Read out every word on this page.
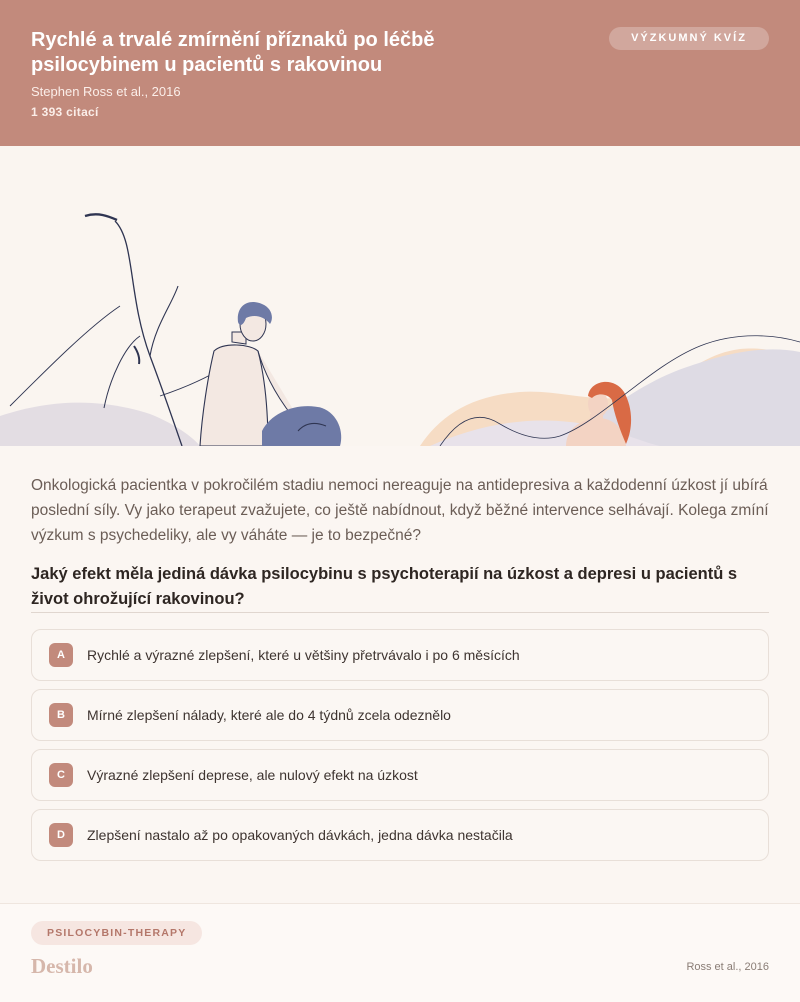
Rychlé a trvalé zmírnění příznaků po léčbě psilocybinem u pacientů s rakovinou
Stephen Ross et al., 2016
1 393 citací
VÝZKUMNÝ KVÍZ
Onkologická pacientka v pokročilém stadiu nemoci nereaguje na antidepresiva a každodenní úzkost jí ubírá poslední síly. Vy jako terapeut zvažujete, co ještě nabídnout, když běžné intervence selhávají. Kolega zmíní výzkum s psychedeliky, ale vy váháte — je to bezpečné?
Jaký efekt měla jediná dávka psilocybinu s psychoterapií na úzkost a depresi u pacientů s život ohrožující rakovinou?
A	Rychlé a výrazné zlepšení, které u většiny přetrvávalo i po 6 měsících
B	Mírné zlepšení nálady, které ale do 4 týdnů zcela odeznělo
C	Výrazné zlepšení deprese, ale nulový efekt na úzkost
D	Zlepšení nastalo až po opakovaných dávkách, jedna dávka nestačila
PSILOCYBIN-THERAPY
Destilo	Ross et al., 2016
